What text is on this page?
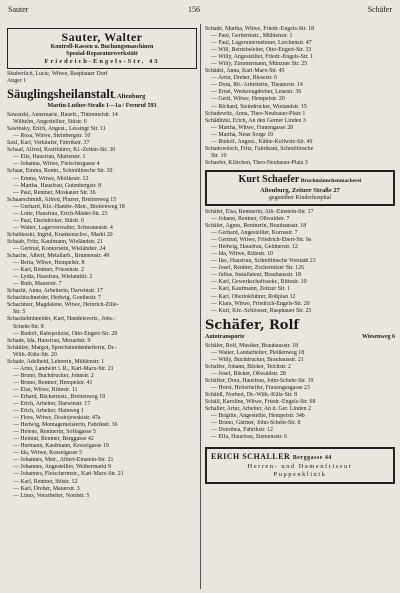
Sauter	156	Schäfer
Sauter, Walter
Kontroll-Kassen u. Buchungsmaschinen
Spezial-Reparaturwerkstätt
Friedrich-Engels-Str. 43
Skuberlich, Lucie, Witwe, Rasphauer Dorf
Anger 1
Säuglingsheilanstalt, Altenburg
Martin-Luther-Straße 1—1a / Fernruf 593
Sawatzki, Annemarie, Hausfr., Thümmelstr. 14
Wilhelm, Angestellter, Stüstr. 6
Sawinsky, Erich, Angest., Lessingr Str. 11
— Rosa, Witwe, Steinbergstr. 10
Saxl, Karl, Verkäufer, Fabrikstr. 37
Schaaf, Alfred, Kraftfahrer, Kl.-Zetkin-Str. 30
— Elis, Hausfrau, Marienstr. 1
— Johanna, Witwe, Fleischergasse 4
Schaar, Emma, Rentn., Schmölinsche Str. 30
— Emma, Witwe, Moltkestr. 12
— Martha, Hausfrau, Gutenbergstr. 8
— Paul, Rentner, Moskauer Str. 36
Schaarschmidt, Alfred, Pfarrer, Breitenweg 15
— Gerhard, Kfz.-Handw.-Mstr., Breitenweg 18
— Lotte, Hausfrau, Erich-Mäder-Str. 23
— Paul, Dachdecker, Stüstr. 6
— Walter, Lagerverwalter, Schwanenstr. 4
Schabkoski, Ingrid, Krankenschw., Markt 20
Schaab, Fritz, Kaufmann, Wieländstr. 21
— Gertrud, Kontoristin, Wieländstr. 24
Schache, Albert, Metallarb., Brunnenstr. 49
— Berta, Witwe, Hempelstr. 8
— Karl, Rentner, Friesenstr. 2
— Lydia, Hausfrau, Wielandstr. 2
— Ruth, Manerstr. 7
Schacht, Anna, Arbeiterin, Darwinstr. 17
Schachtschneider, Hedwig, Goethestr. 7
Schachtzer, Magdalene, Witwe, Heinrich-Zille-
Str. 5
Schackelmhneider, Kurt, Handelsvertr., Johs.-
Schehr-Str. 8
— Rudolf, Rabspolizist, Otto-Engert-Str. 28
Schade, Ida, Hausfrau, Mozartstr. 9
Schädlze, Margot, Sprechstundenhelferin, Dr.-
Wilh.-Külz-Str. 20
Schade, Adelheid, Lehrerin, Mühlenstr. 1
— Arno, Landwirt i. R., Karl-Marx-Str. 21
— Bruno, Buchdrucker, Johnstr. 2
— Bruno, Rentner, Hempelstr. 41
— Else, Witwe, Rittestr. 11
— Erhard, Bäckermstr., Breitenweg 19
— Erich, Arbeiter, Darwinstr. 17
— Erich, Arbeiter, Hainweg 1
— Flora, Witwe, Dostojewskistr. 47a
— Hedwig, Montagemeisterin, Fabrikstr. 36
— Helene, Rentnerin, Soffagasse 5
— Helmut, Rentner, Berggasse 42
— Hermann, Kaufmann, Kesselgasse 19
— Ida, Witwe, Kesselgasse 5
— Johannes, Mstr., Albert-Einstein-Str. 21
— Johannes, Angestellter, Weibermarkt 9
— Johannes, Fleischermstr., Karl-Marx-Str. 21
— Karl, Rentner, Stüstr. 12
— Karl, Dreher, Mauerstr. 3
— Linus, Vorarbeiter, Nordstr. 5
Schade, Martha, Witwe, Friedr.-Engels-Str. 18
— Paul, Gerbermstr., Mühlenstr. 1
— Paul, Lagerunternehmer, Lerchenstr. 47
— Will, Betriebsleiter, Otto-Engert-Str. 33
— Willy, Angestellter, Friedr.-Engels-Str. 1
— Willy, Zimmermann, Münzner Str. 25
Schädel, Anna, Karl-Marx-Str. 45
— Artur, Dreher, Blesestr. 6
— Dora, Rb.-Arbeiterin, Theaterstr. 14
— Ernst, Werkzeugdreher, Leuestr. 36
— Gerti, Witwe, Hempelstr. 20
— Richard, Steindrucker, Wielandstr. 15
Schadewitz, Anna, Theo-Neubauer-Platz 1
Schäditzki, Erich, An den Gerner Linden 3
— Martha, Witwe, Frauengasse 28
— Martha, Neue Sorge 10
— Rudolf, Angest., Käthe-Kollwitz-Str. 49
Schadowitsch, Fritz, Fabrikant, Schmölinsche
Str. 10
Schaefer, Klärchen, Theo-Neubauer-Platz 3
Kurt Schaefer Bruchmännchenmacherei
Altenburg, Zeitzer Straße 27
gegenüber Kinderhospital
Schäfer, Elsa, Rentnerin, Alb.-Einstein-Str. 17
— Johann, Rentner, Oßwaldstr. 7
Schäfer, Agnes, Rentnerin, Brauhausstr. 18
— Gerhard, Angestellter, Kornsstr. 7
— Gertrud, Witwe, Friedrich-Ebert-Str. 9a
— Hedwig, Hausfrau, Geldnerstr. 12
— Ida, Witwe, Rittestr. 10
— Ilse, Hausfrau, Schmölinsche Vorstadt 23
— Josef, Rentner, Zschernitzer Str. 126
— Julius, Installateur, Brauhausstr. 18
— Karl, Gewerkschaftssekr., Rittestr. 10
— Karl, Kaufmann, Zeitzer Str. 1
— Karl, Oberlokfuhrer, Roßplan 12
— Klara, Witwe, Friedrich-Engels-Str. 29
— Kurt, Kfz.-Schlosser, Rasphauer Str. 25
Schäfer, Rolf
Autotransporte	Wiesenweg 6
Schäfer, Rolf, Musiker, Brauhausstr. 18
— Walter, Landarbeiter, Pleißenweg 18
— Willy, Buchdrucker, Brauhausstr. 21
Schaffer, Johann, Bäcker, Teichstr. 2
— Josef, Bäcker, Oßwaldstr. 28
Schäffer, Dora, Hausfrau, John-Schehr-Str. 19
— Horst, Heilerhelfer, Frauengesgasse 23
Schäidl, Norbert, Dr.-Wilh.-Külz-Str. 8
Schäll, Karoline, Witwe, Friedr.-Engels-Str. 68
Schaller, Artur, Arbeiter, An d. Ger. Linden 2
— Brigitte, Angestellte, Hempelstr. 34b
— Bruno, Gärtner, John-Schehr-Str. 8
— Dorothea, Fabrikstr. 12
— Elfa, Hausfrau, Siemensstr. 6
ERICH SCHALLER Berggasse 44
Herren- und Damenfriseur
Puppenklinik
